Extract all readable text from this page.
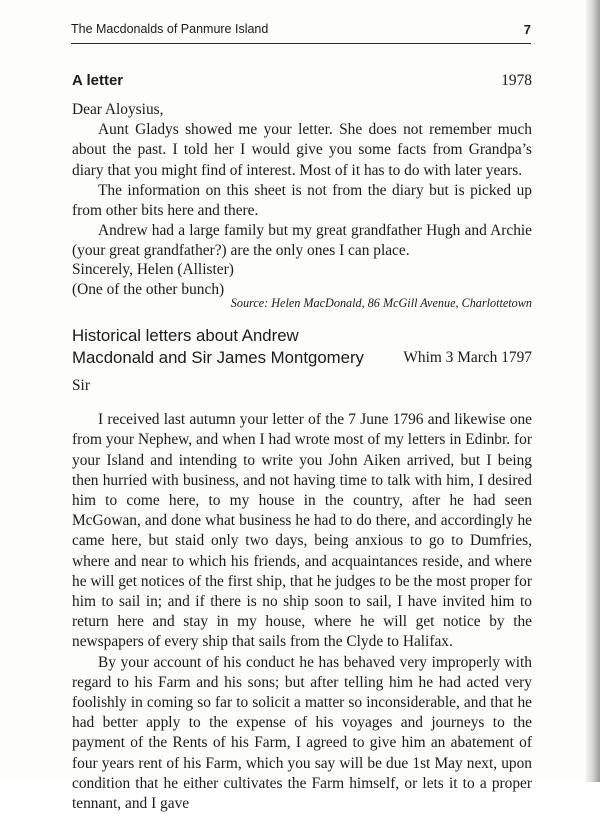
The Macdonalds of Panmure Island	7
A letter	1978

Dear Aloysius,

Aunt Gladys showed me your letter. She does not remember much about the past. I told her I would give you some facts from Grandpa’s diary that you might find of interest. Most of it has to do with later years.

The information on this sheet is not from the diary but is picked up from other bits here and there.

Andrew had a large family but my great grandfather Hugh and Archie (your great grandfather?) are the only ones I can place.

Sincerely, Helen (Allister)

(One of the other bunch)

Source: Helen MacDonald, 86 McGill Avenue, Charlottetown
Historical letters about Andrew
Macdonald and Sir James Montgomery	Whim 3 March 1797

Sir

I received last autumn your letter of the 7 June 1796 and likewise one from your Nephew, and when I had wrote most of my letters in Edinbr. for your Island and intending to write you John Aiken arrived, but I being then hurried with business, and not having time to talk with him, I desired him to come here, to my house in the country, after he had seen McGowan, and done what business he had to do there, and accordingly he came here, but staid only two days, being anxious to go to Dumfries, where and near to which his friends, and acquaintances reside, and where he will get notices of the first ship, that he judges to be the most proper for him to sail in; and if there is no ship soon to sail, I have invited him to return here and stay in my house, where he will get notice by the newspapers of every ship that sails from the Clyde to Halifax.

By your account of his conduct he has behaved very improperly with regard to his Farm and his sons; but after telling him he had acted very foolishly in coming so far to solicit a matter so inconsiderable, and that he had better apply to the expense of his voyages and journeys to the payment of the Rents of his Farm, I agreed to give him an abatement of four years rent of his Farm, which you say will be due 1st May next, upon condition that he either cultivates the Farm himself, or lets it to a proper tennant, and I gave
